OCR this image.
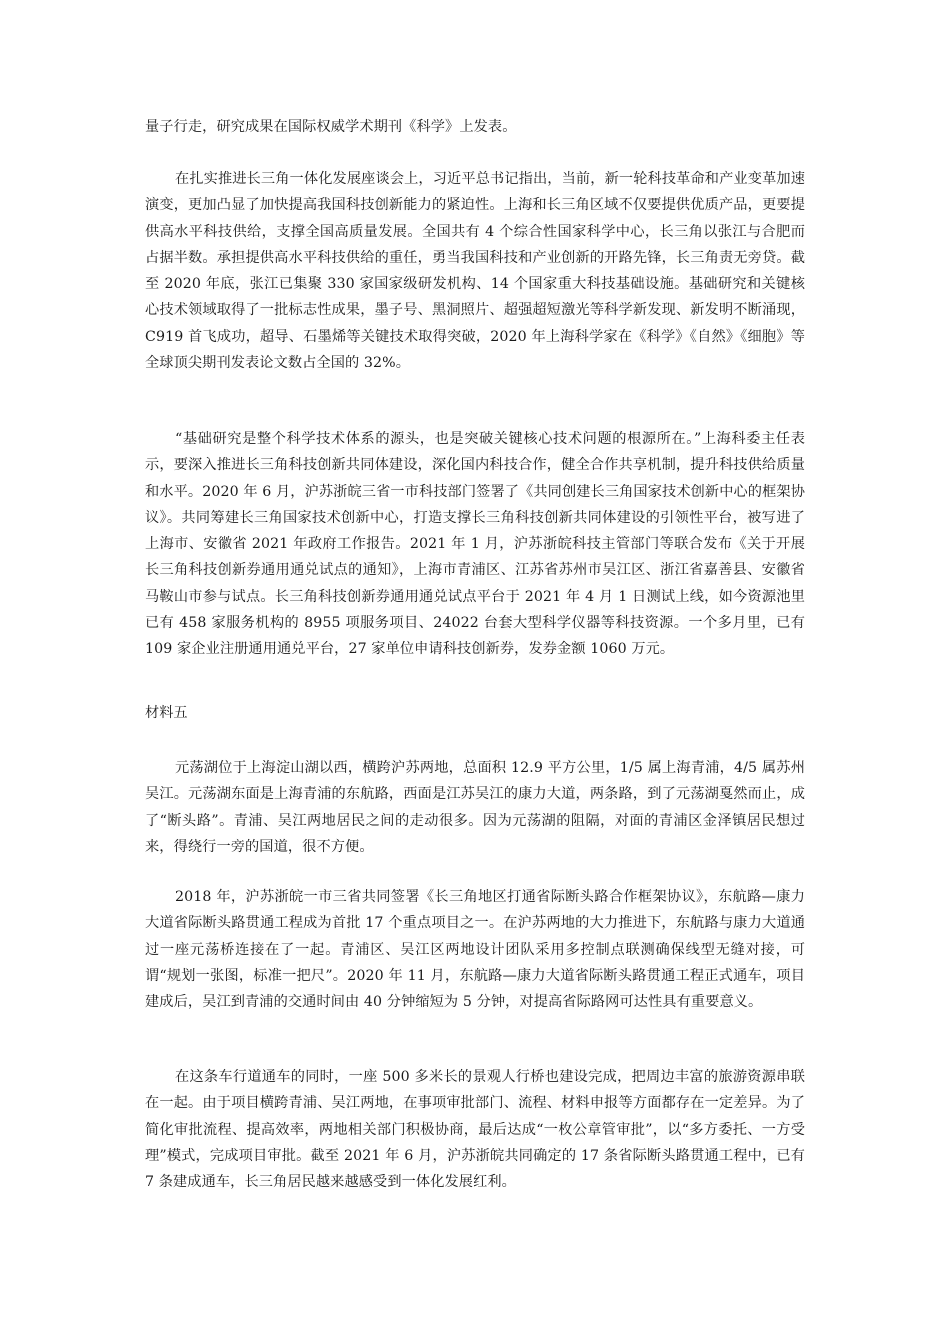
量子行走，研究成果在国际权威学术期刊《科学》上发表。

在扎实推进长三角一体化发展座谈会上，习近平总书记指出，当前，新一轮科技革命和产业变革加速演变，更加凸显了加快提高我国科技创新能力的紧迫性。上海和长三角区域不仅要提供优质产品，更要提供高水平科技供给，支撑全国高质量发展。全国共有 4 个综合性国家科学中心，长三角以张江与合肥而占据半数。承担提供高水平科技供给的重任，勇当我国科技和产业创新的开路先锋，长三角责无旁贷。截至 2020 年底，张江已集聚 330 家国家级研发机构、14 个国家重大科技基础设施。基础研究和关键核心技术领域取得了一批标志性成果，墨子号、黑洞照片、超强超短激光等科学新发现、新发明不断涌现，C919 首飞成功，超导、石墨烯等关键技术取得突破，2020 年上海科学家在《科学》《自然》《细胞》等全球顶尖期刊发表论文数占全国的 32%。

“基础研究是整个科学技术体系的源头，也是突破关键核心技术问题的根源所在。”上海科委主任表示，要深入推进长三角科技创新共同体建设，深化国内科技合作，健全合作共享机制，提升科技供给质量和水平。2020 年 6 月，沪苏浙皖三省一市科技部门签署了《共同创建长三角国家技术创新中心的框架协议》。共同筹建长三角国家技术创新中心，打造支撑长三角科技创新共同体建设的引领性平台，被写进了上海市、安徽省 2021 年政府工作报告。2021 年 1 月，沪苏浙皖科技主管部门等联合发布《关于开展长三角科技创新券通用通兑试点的通知》，上海市青浦区、江苏省苏州市吴江区、浙江省嘉善县、安徽省马鞍山市参与试点。长三角科技创新券通用通兑试点平台于 2021 年 4 月 1 日测试上线，如今资源池里已有 458 家服务机构的 8955 项服务项目、24022 台套大型科学仪器等科技资源。一个多月里，已有 109 家企业注册通用通兑平台，27 家单位申请科技创新券，发券金额 1060 万元。

材料五

元荡湖位于上海淀山湖以西，横跨沪苏两地，总面积 12.9 平方公里，1/5 属上海青浦，4/5 属苏州吴江。元荡湖东面是上海青浦的东航路，西面是江苏吴江的康力大道，两条路，到了元荡湖戛然而止，成了“断头路”。青浦、吴江两地居民之间的走动很多。因为元荡湖的阻隔，对面的青浦区金泽镇居民想过来，得绕行一旁的国道，很不方便。

2018 年，沪苏浙皖一市三省共同签署《长三角地区打通省际断头路合作框架协议》，东航路—康力大道省际断头路贯通工程成为首批 17 个重点项目之一。在沪苏两地的大力推进下，东航路与康力大道通过一座元荡桥连接在了一起。青浦区、吴江区两地设计团队采用多控制点联测确保线型无缝对接，可谓“规划一张图，标准一把尺”。2020 年 11 月，东航路—康力大道省际断头路贯通工程正式通车，项目建成后，吴江到青浦的交通时间由 40 分钟缩短为 5 分钟，对提高省际路网可达性具有重要意义。

在这条车行道通车的同时，一座 500 多米长的景观人行桥也建设完成，把周边丰富的旅游资源串联在一起。由于项目横跨青浦、吴江两地，在事项审批部门、流程、材料申报等方面都存在一定差异。为了简化审批流程、提高效率，两地相关部门积极协商，最后达成“一枚公章管审批”，以“多方委托、一方受理”模式，完成项目审批。截至 2021 年 6 月，沪苏浙皖共同确定的 17 条省际断头路贯通工程中，已有 7 条建成通车，长三角居民越来越感受到一体化发展红利。
